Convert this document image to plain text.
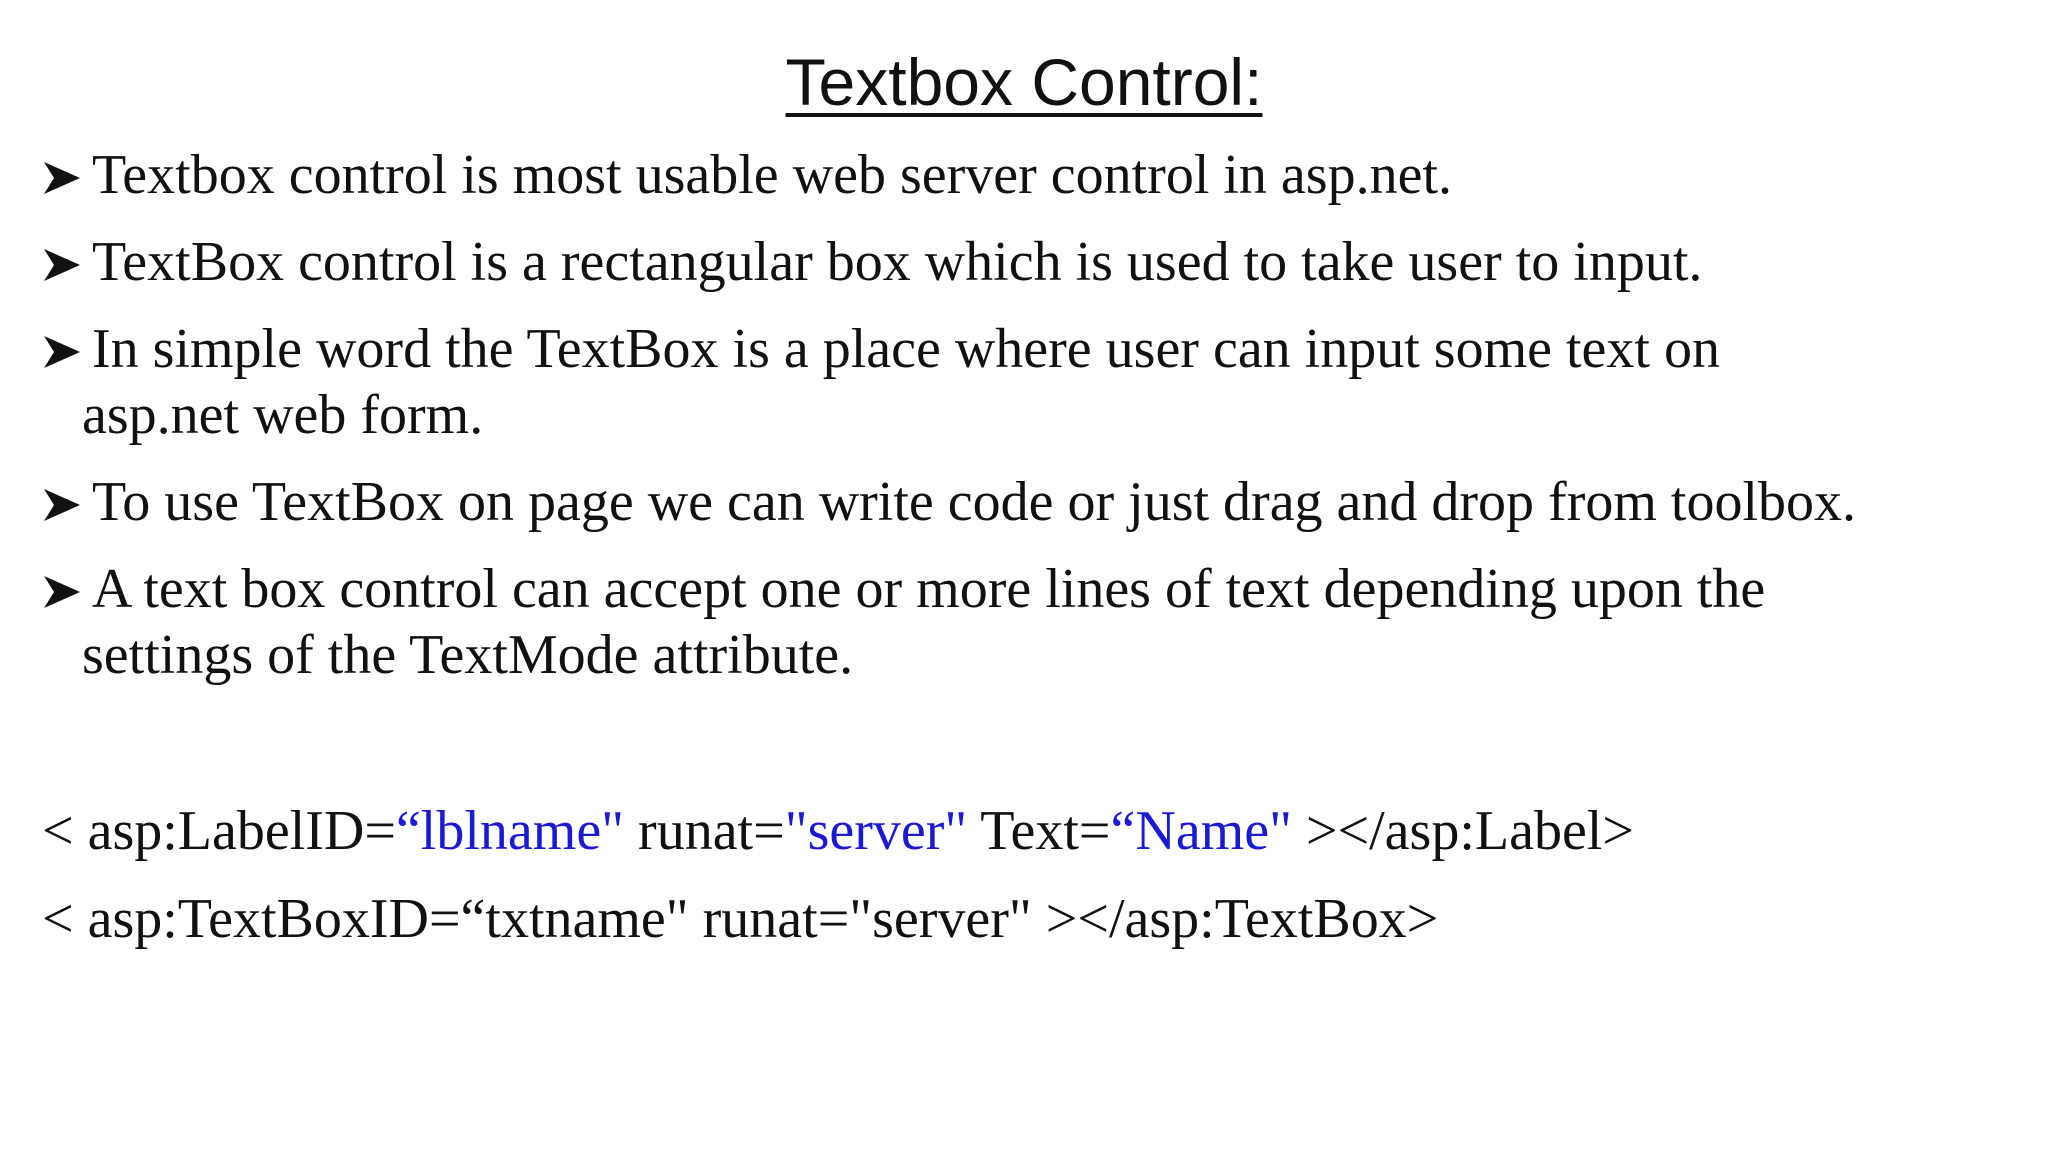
Textbox Control:
Textbox control is most usable web server control in asp.net.
TextBox control is a rectangular box which is used to take user to input.
In simple word the TextBox is a place where user can input some text on
asp.net web form.
To use TextBox on page we can write code or just drag and drop from toolbox.
A text box control can accept one or more lines of text depending upon the
settings of the TextMode attribute.
< asp:LabelID=“lblname" runat="server" Text=“Name" ></asp:Label>
< asp:TextBoxID=“txtname" runat="server" ></asp:TextBox>
